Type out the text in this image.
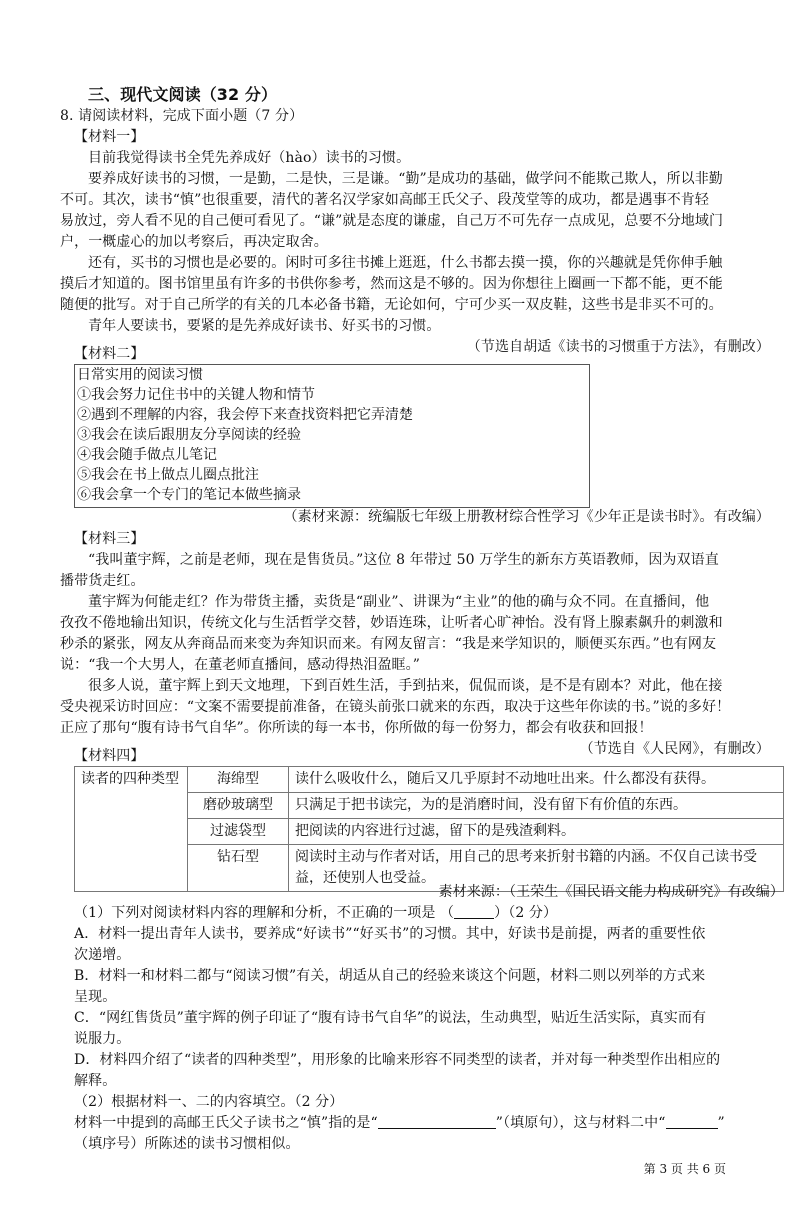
三、现代文阅读（32 分）

8. 请阅读材料，完成下面小题（7 分）

【材料一】

目前我觉得读书全凭先养成好（hào）读书的习惯。

要养成好读书的习惯，一是勤，二是快，三是谦。“勤”是成功的基础，做学问不能欺己欺人，所以非勤

不可。其次，读书“慎”也很重要，清代的著名汉学家如高邮王氏父子、段茂堂等的成功，都是遇事不肯轻

易放过，旁人看不见的自己便可看见了。“谦”就是态度的谦虚，自己万不可先存一点成见，总要不分地域门

户，一概虚心的加以考察后，再决定取舍。

还有，买书的习惯也是必要的。闲时可多往书摊上逛逛，什么书都去摸一摸，你的兴趣就是凭你伸手触

摸后才知道的。图书馆里虽有许多的书供你参考，然而这是不够的。因为你想往上圈画一下都不能，更不能

随便的批写。对于自己所学的有关的几本必备书籍，无论如何，宁可少买一双皮鞋，这些书是非买不可的。

青年人要读书，要紧的是先养成好读书、好买书的习惯。

（节选自胡适《读书的习惯重于方法》，有删改）

【材料二】

日常实用的阅读习惯
①我会努力记住书中的关键人物和情节
②遇到不理解的内容，我会停下来查找资料把它弄清楚
③我会在读后跟朋友分享阅读的经验
④我会随手做点儿笔记
⑤我会在书上做点儿圈点批注
⑥我会拿一个专门的笔记本做些摘录

（素材来源：统编版七年级上册教材综合性学习《少年正是读书时》。有改编）

【材料三】

“我叫董宇辉，之前是老师，现在是售货员。”这位 8 年带过 50 万学生的新东方英语教师，因为双语直

播带货走红。

董宇辉为何能走红？作为带货主播，卖货是“副业”、讲课为“主业”的他的确与众不同。在直播间，他

孜孜不倦地输出知识，传统文化与生活哲学交替，妙语连珠，让听者心旷神怡。没有肾上腺素飙升的刺激和

秒杀的紧张，网友从奔商品而来变为奔知识而来。有网友留言：“我是来学知识的，顺便买东西。”也有网友

说：“我一个大男人，在董老师直播间，感动得热泪盈眶。”

很多人说，董宇辉上到天文地理，下到百姓生活，手到拈来，侃侃而谈，是不是有剧本？对此，他在接

受央视采访时回应：“文案不需要提前准备，在镜头前张口就来的东西，取决于这些年你读的书。”说的多好！

正应了那句“腹有诗书气自华”。你所读的每一本书，你所做的每一份努力，都会有收获和回报！

（节选自《人民网》，有删改）

【材料四】

读者的四种类型	海绵型	读什么吸收什么，随后又几乎原封不动地吐出来。什么都没有获得。
	磨砂玻璃型	只满足于把书读完，为的是消磨时间，没有留下有价值的东西。
	过滤袋型	把阅读的内容进行过滤，留下的是残渣剩料。
	钻石型	阅读时主动与作者对话，用自己的思考来折射书籍的内涵。不仅自己读书受益，还使别人也受益。

素材来源：（王荣生《国民语文能力构成研究》有改编）

（1）下列对阅读材料内容的理解和分析，不正确的一项是 （	）（2 分）

A．材料一提出青年人读书，要养成“好读书”“好买书”的习惯。其中，好读书是前提，两者的重要性依

次递增。

B．材料一和材料二都与“阅读习惯”有关，胡适从自己的经验来谈这个问题，材料二则以列举的方式来

呈现。

C．“网红售货员”董宇辉的例子印证了“腹有诗书气自华”的说法，生动典型，贴近生活实际，真实而有

说服力。

D．材料四介绍了“读者的四种类型”，用形象的比喻来形容不同类型的读者，并对每一种类型作出相应的

解释。

（2）根据材料一、二的内容填空。（2 分）

材料一中提到的高邮王氏父子读书之“慎”指的是“	”（填原句），这与材料二中“	”

（填序号）所陈述的读书习惯相似。

第 3 页 共 6 页
